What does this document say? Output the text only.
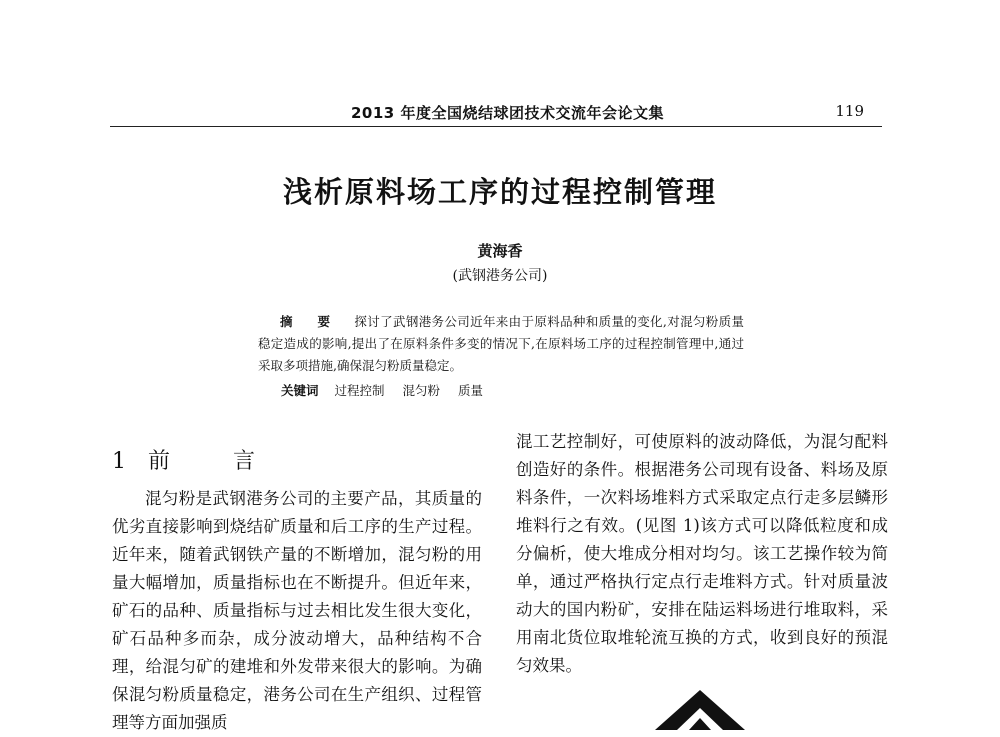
2013 年度全国烧结球团技术交流年会论文集	119
浅析原料场工序的过程控制管理
黄海香
(武钢港务公司)
摘 要 探讨了武钢港务公司近年来由于原料品种和质量的变化,对混匀粉质量稳定造成的影响,提出了在原料条件多变的情况下,在原料场工序的过程控制管理中,通过采取多项措施,确保混匀粉质量稳定。
关键词 过程控制 混匀粉 质量
1 前 言
混匀粉是武钢港务公司的主要产品，其质量的优劣直接影响到烧结矿质量和后工序的生产过程。近年来，随着武钢铁产量的不断增加，混匀粉的用量大幅增加，质量指标也在不断提升。但近年来，矿石的品种、质量指标与过去相比发生很大变化，矿石品种多而杂，成分波动增大，品种结构不合理，给混匀矿的建堆和外发带来很大的影响。为确保混匀粉质量稳定，港务公司在生产组织、过程管理等方面加强质
混工艺控制好，可使原料的波动降低，为混匀配料创造好的条件。根据港务公司现有设备、料场及原料条件，一次料场堆料方式采取定点行走多层鳞形堆料行之有效。(见图 1)该方式可以降低粒度和成分偏析，使大堆成分相对均匀。该工艺操作较为简单，通过严格执行定点行走堆料方式。针对质量波动大的国内粉矿，安排在陆运料场进行堆取料，采用南北货位取堆轮流互换的方式，收到良好的预混匀效果。
